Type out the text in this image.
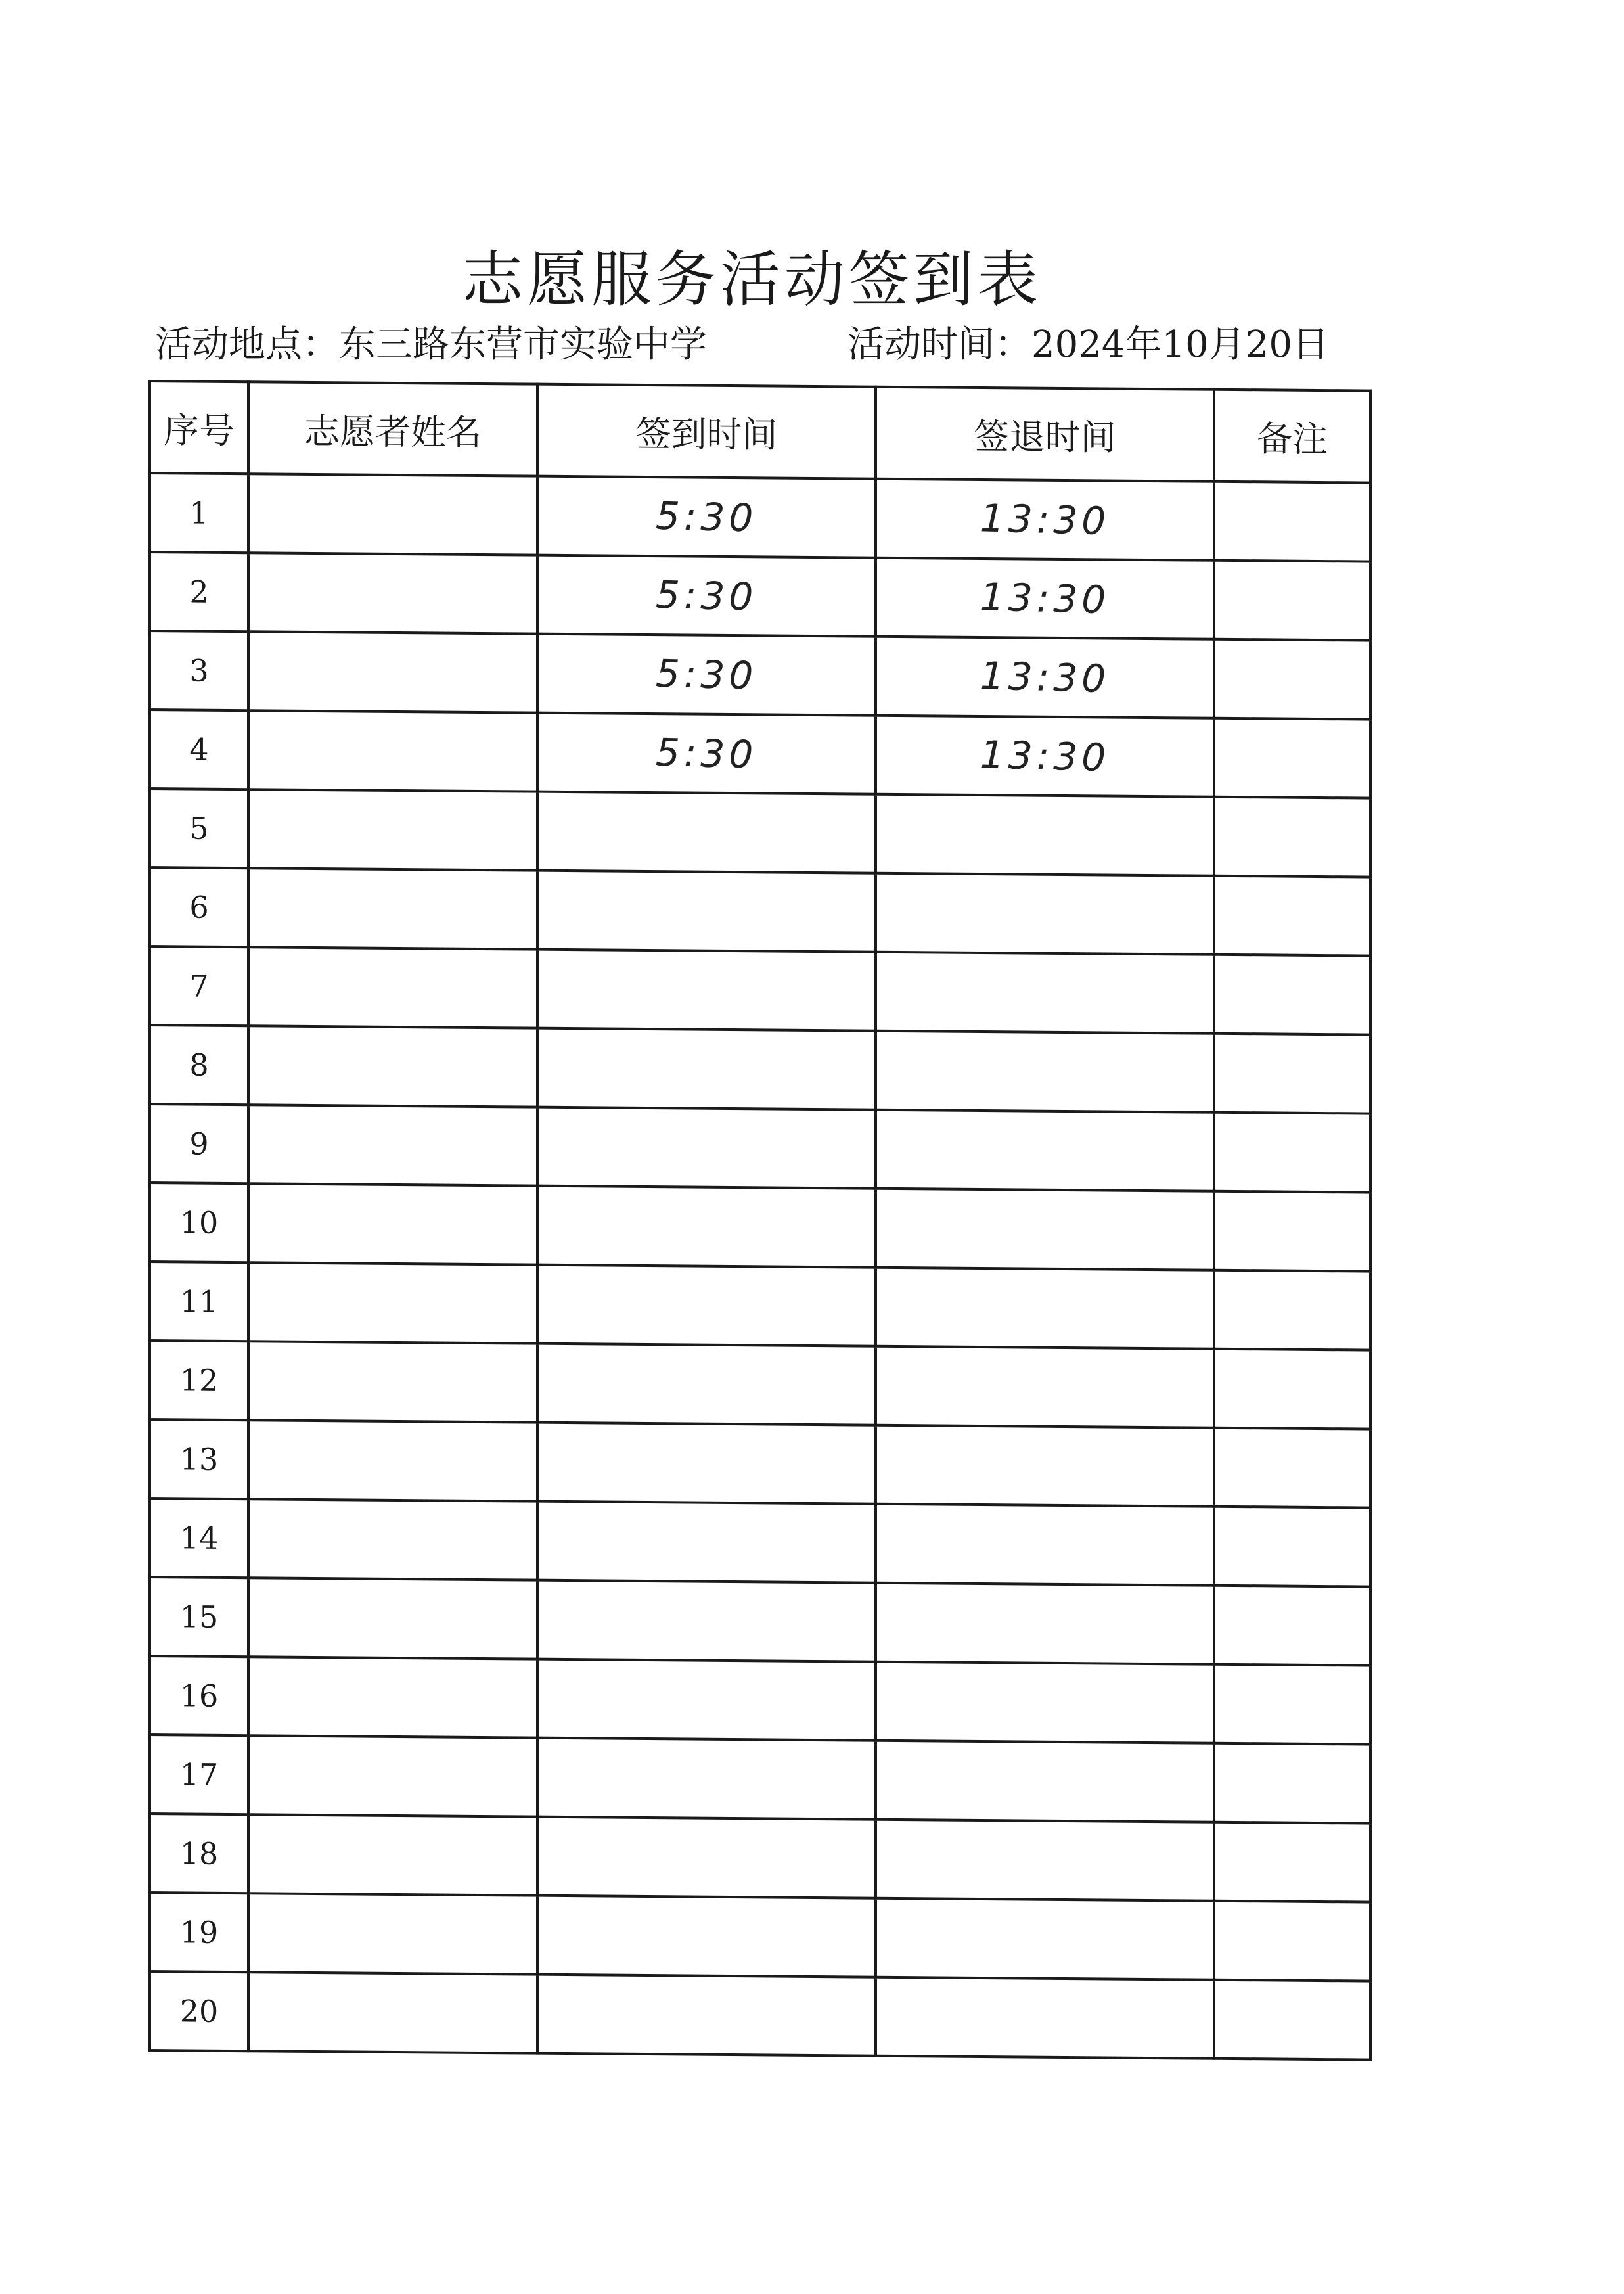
志愿服务活动签到表
活动地点：东三路东营市实验中学	活动时间：2024年10月20日
序号	志愿者姓名	签到时间	签退时间	备注
1		5:30	13:30	
2		5:30	13:30	
3		5:30	13:30	
4		5:30	13:30	
5				
6				
7				
8				
9				
10				
11				
12				
13				
14				
15				
16				
17				
18				
19				
20				
